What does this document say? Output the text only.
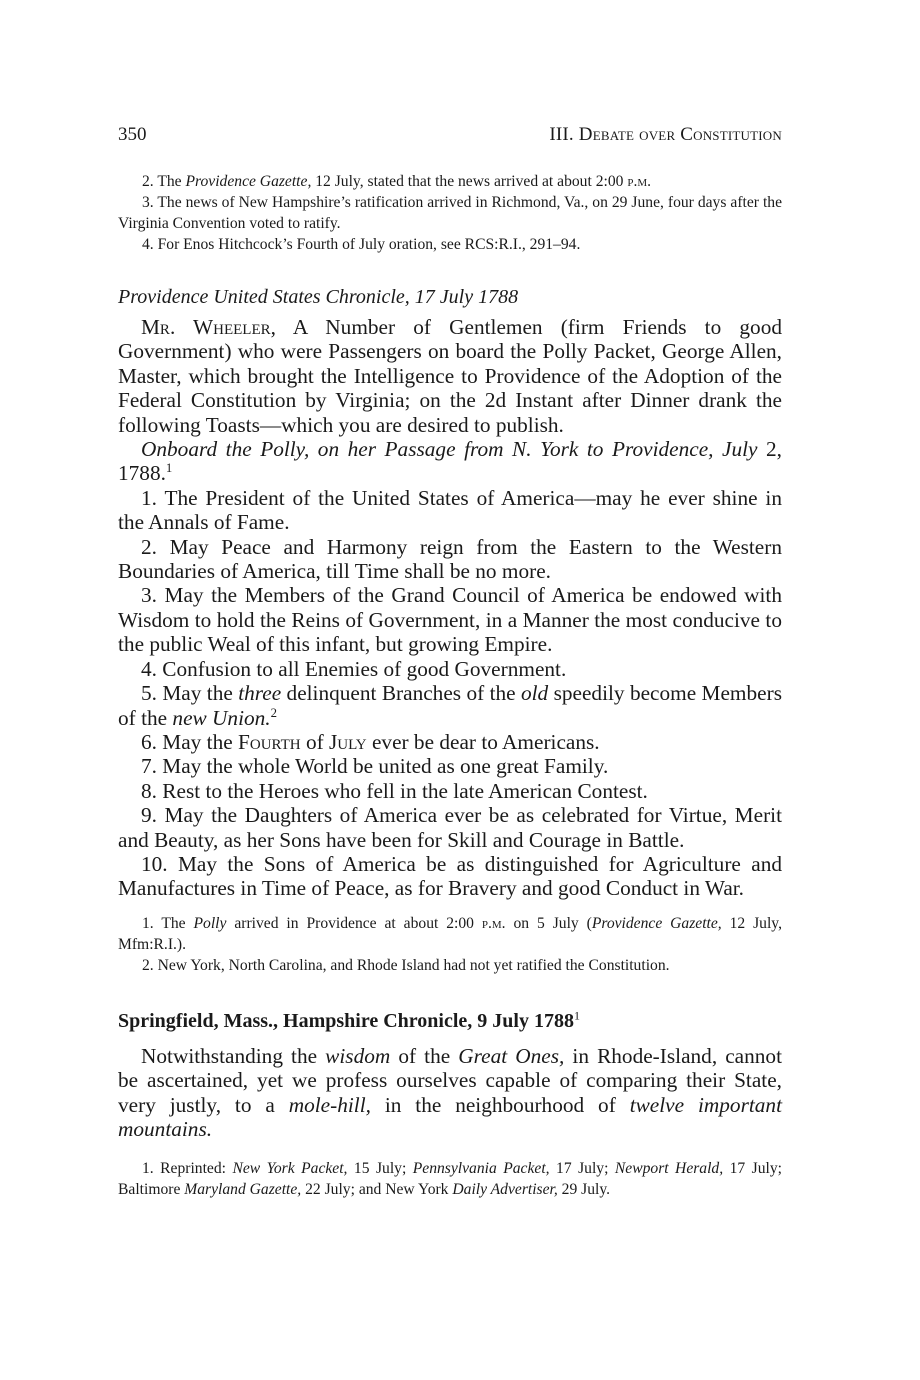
350	III. Debate over Constitution

2. The Providence Gazette, 12 July, stated that the news arrived at about 2:00 p.m.

3. The news of New Hampshire’s ratification arrived in Richmond, Va., on 29 June, four days after the Virginia Convention voted to ratify.

4. For Enos Hitchcock’s Fourth of July oration, see RCS:R.I., 291–94.

Providence United States Chronicle, 17 July 1788

Mr. Wheeler, A Number of Gentlemen (firm Friends to good Government) who were Passengers on board the Polly Packet, George Allen, Master, which brought the Intelligence to Providence of the Adoption of the Federal Constitution by Virginia; on the 2d Instant after Dinner drank the following Toasts—which you are desired to publish.

Onboard the Polly, on her Passage from N. York to Providence, July 2, 1788.$^1$

1. The President of the United States of America—may he ever shine in the Annals of Fame.

2. May Peace and Harmony reign from the Eastern to the Western Boundaries of America, till Time shall be no more.

3. May the Members of the Grand Council of America be endowed with Wisdom to hold the Reins of Government, in a Manner the most conducive to the public Weal of this infant, but growing Empire.

4. Confusion to all Enemies of good Government.

5. May the three delinquent Branches of the old speedily become Members of the new Union.$^2$

6. May the Fourth of July ever be dear to Americans.

7. May the whole World be united as one great Family.

8. Rest to the Heroes who fell in the late American Contest.

9. May the Daughters of America ever be as celebrated for Virtue, Merit and Beauty, as her Sons have been for Skill and Courage in Battle.

10. May the Sons of America be as distinguished for Agriculture and Manufactures in Time of Peace, as for Bravery and good Conduct in War.

1. The Polly arrived in Providence at about 2:00 p.m. on 5 July (Providence Gazette, 12 July, Mfm:R.I.).

2. New York, North Carolina, and Rhode Island had not yet ratified the Constitution.

Springfield, Mass., Hampshire Chronicle, 9 July 1788$^1$

Notwithstanding the wisdom of the Great Ones, in Rhode-Island, cannot be ascertained, yet we profess ourselves capable of comparing their State, very justly, to a mole-hill, in the neighbourhood of twelve important mountains.

1. Reprinted: New York Packet, 15 July; Pennsylvania Packet, 17 July; Newport Herald, 17 July; Baltimore Maryland Gazette, 22 July; and New York Daily Advertiser, 29 July.
